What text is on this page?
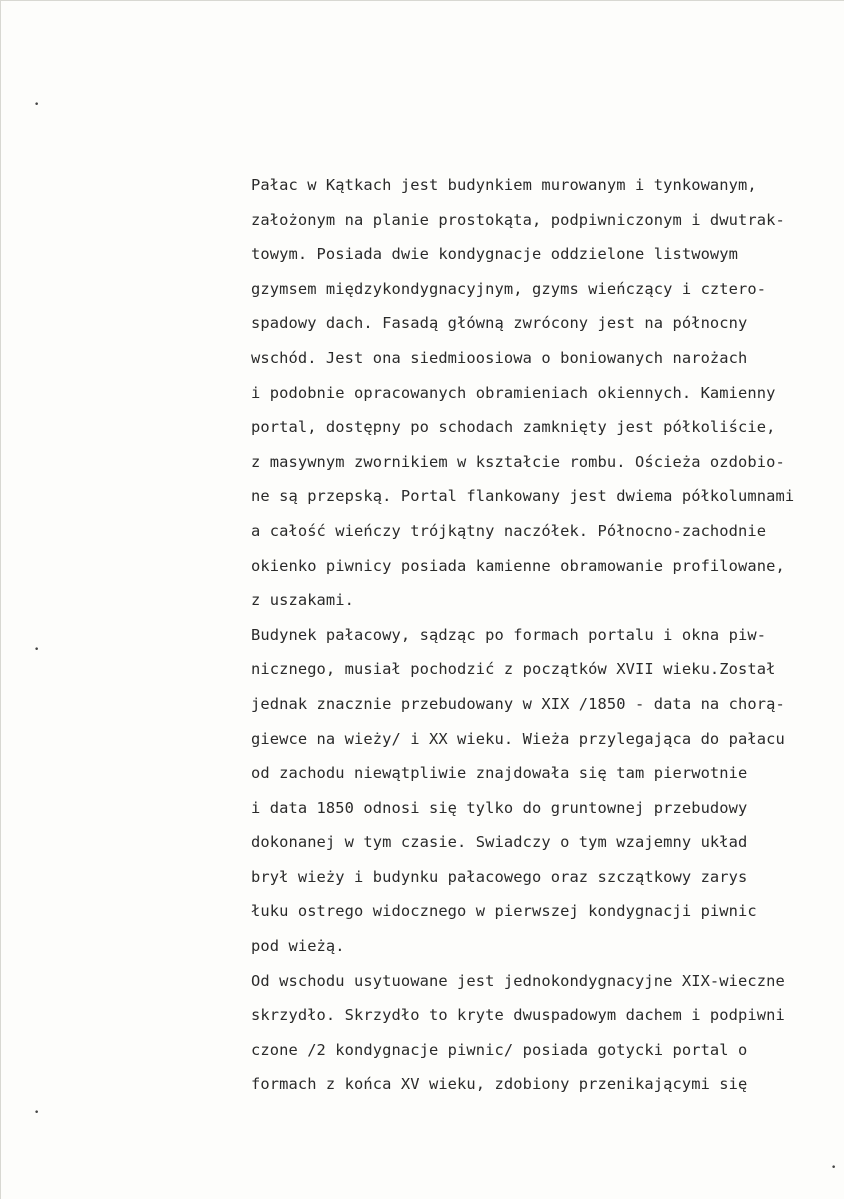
•
•
•
•
Pałac w Kątkach jest budynkiem murowanym i tynkowanym,
założonym na planie prostokąta, podpiwniczonym i dwutrak-
towym. Posiada dwie kondygnacje oddzielone listwowym
gzymsem międzykondygnacyjnym, gzyms wieńczący i cztero-
spadowy dach. Fasadą główną zwrócony jest na północny
wschód. Jest ona siedmioosiowa o boniowanych narożach
i podobnie opracowanych obramieniach okiennych. Kamienny
portal, dostępny po schodach zamknięty jest półkoliście,
z masywnym zwornikiem w kształcie rombu. Ościeża ozdobio-
ne są przepską. Portal flankowany jest dwiema półkolumnami
a całość wieńczy trójkątny naczółek. Północno-zachodnie
okienko piwnicy posiada kamienne obramowanie profilowane,
z uszakami.
Budynek pałacowy, sądząc po formach portalu i okna piw-
nicznego, musiał pochodzić z początków XVII wieku.Został
jednak znacznie przebudowany w XIX /1850 - data na chorą-
giewce na wieży/ i XX wieku. Wieża przylegająca do pałacu
od zachodu niewątpliwie znajdowała się tam pierwotnie
i data 1850 odnosi się tylko do gruntownej przebudowy
dokonanej w tym czasie. Swiadczy o tym wzajemny układ
brył wieży i budynku pałacowego oraz szczątkowy zarys
łuku ostrego widocznego w pierwszej kondygnacji piwnic
pod wieżą.
Od wschodu usytuowane jest jednokondygnacyjne XIX-wieczne
skrzydło. Skrzydło to kryte dwuspadowym dachem i podpiwni
czone /2 kondygnacje piwnic/ posiada gotycki portal o
formach z końca XV wieku, zdobiony przenikającymi się
